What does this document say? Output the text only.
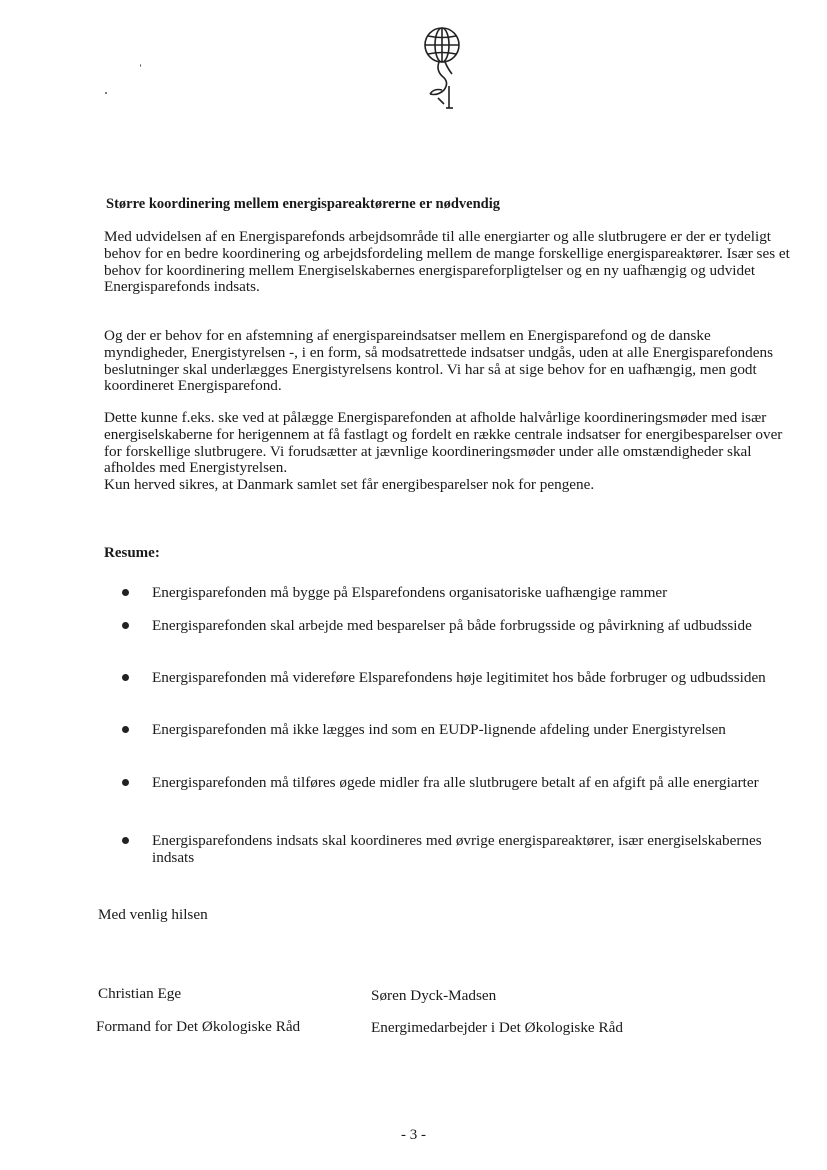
Større koordinering mellem energispareaktørerne er nødvendig

Med udvidelsen af en Energisparefonds arbejdsområde til alle energiarter og alle slutbrugere er der er tydeligt behov for en bedre koordinering og arbejdsfordeling mellem de mange forskellige energispareaktører. Især ses et behov for koordinering mellem Energiselskabernes energispareforpligtelser og en ny uafhængig og udvidet Energisparefonds indsats.

Og der er behov for en afstemning af energispareindsatser mellem en Energisparefond og de danske myndigheder, Energistyrelsen -, i en form, så modsatrettede indsatser undgås, uden at alle Energisparefondens beslutninger skal underlægges Energistyrelsens kontrol. Vi har så at sige behov for en uafhængig, men godt koordineret Energisparefond.

Dette kunne f.eks. ske ved at pålægge Energisparefonden at afholde halvårlige koordineringsmøder med især energiselskaberne for herigennem at få fastlagt og fordelt en række centrale indsatser for energibesparelser over for forskellige slutbrugere. Vi forudsætter at jævnlige koordineringsmøder under alle omstændigheder skal afholdes med Energistyrelsen.
Kun herved sikres, at Danmark samlet set får energibesparelser nok for pengene.

Resume:
Energisparefonden må bygge på Elsparefondens organisatoriske uafhængige rammer
Energisparefonden skal arbejde med besparelser på både forbrugsside og påvirkning af udbudsside
Energisparefonden må videreføre Elsparefondens høje legitimitet hos både forbruger og udbudssiden
Energisparefonden må ikke lægges ind som en EUDP-lignende afdeling under Energistyrelsen
Energisparefonden må tilføres øgede midler fra alle slutbrugere betalt af en afgift på alle energiarter
Energisparefondens indsats skal koordineres med øvrige energispareaktører, især energiselskabernes indsats
Med venlig hilsen
Christian Ege
Formand for Det Økologiske Råd
Søren Dyck-Madsen
Energimedarbejder i Det Økologiske Råd
- 3 -
